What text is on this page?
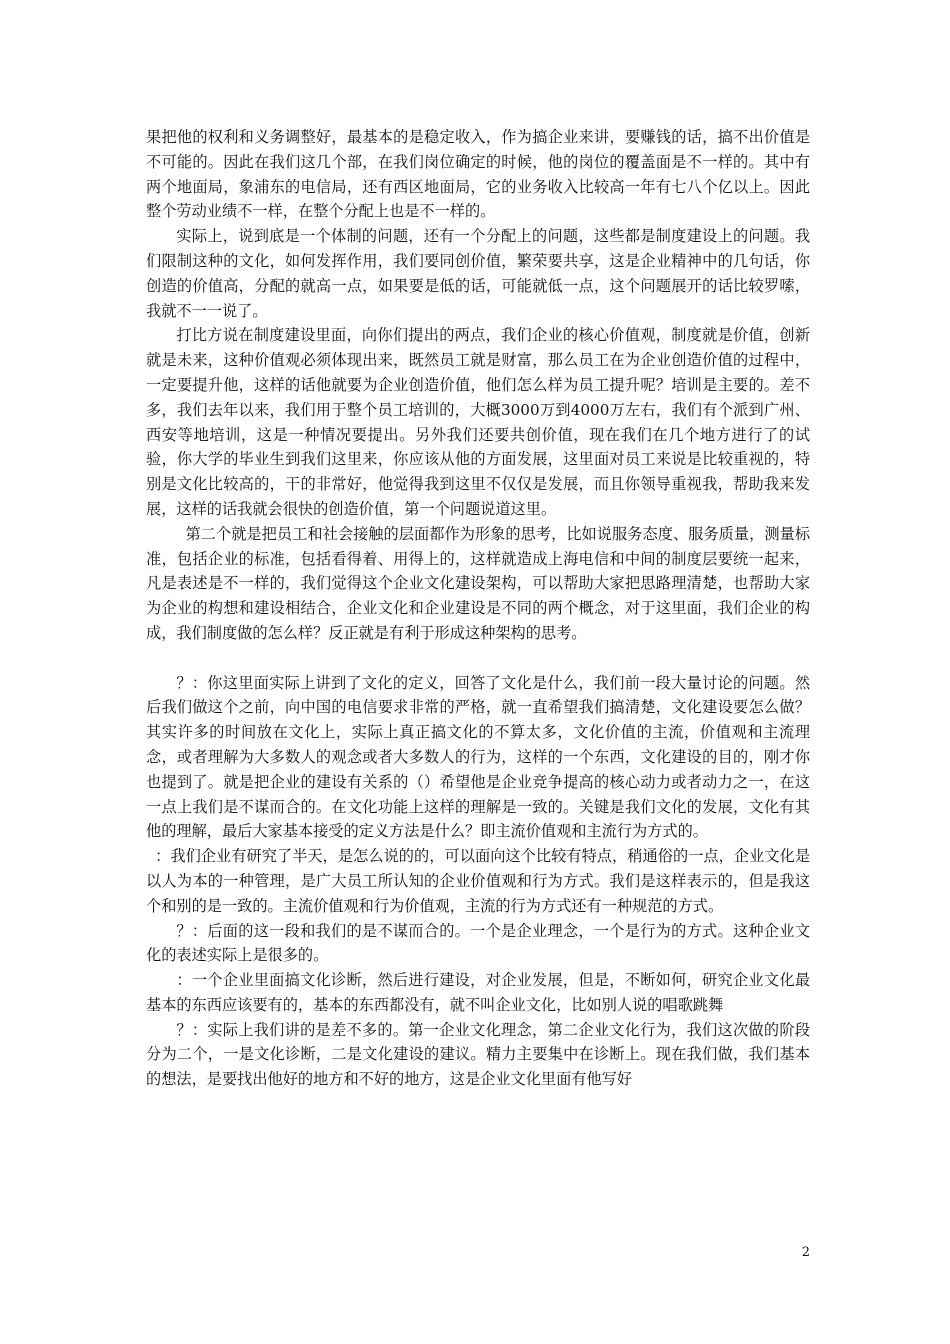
果把他的权利和义务调整好，最基本的是稳定收入，作为搞企业来讲，要赚钱的话，搞不出价值是不可能的。因此在我们这几个部，在我们岗位确定的时候，他的岗位的覆盖面是不一样的。其中有两个地面局，象浦东的电信局，还有西区地面局，它的业务收入比较高一年有七八个亿以上。因此整个劳动业绩不一样，在整个分配上也是不一样的。

实际上，说到底是一个体制的问题，还有一个分配上的问题，这些都是制度建设上的问题。我们限制这种的文化，如何发挥作用，我们要同创价值，繁荣要共享，这是企业精神中的几句话，你创造的价值高，分配的就高一点，如果要是低的话，可能就低一点，这个问题展开的话比较罗嗦，我就不一一说了。

打比方说在制度建设里面，向你们提出的两点，我们企业的核心价值观，制度就是价值，创新就是未来，这种价值观必须体现出来，既然员工就是财富，那么员工在为企业创造价值的过程中，一定要提升他，这样的话他就要为企业创造价值，他们怎么样为员工提升呢？培训是主要的。差不多，我们去年以来，我们用于整个员工培训的，大概3000万到4000万左右，我们有个派到广州、西安等地培训，这是一种情况要提出。另外我们还要共创价值，现在我们在几个地方进行了的试验，你大学的毕业生到我们这里来，你应该从他的方面发展，这里面对员工来说是比较重视的，特别是文化比较高的，干的非常好，他觉得我到这里不仅仅是发展，而且你领导重视我，帮助我来发展，这样的话我就会很快的创造价值，第一个问题说道这里。

第二个就是把员工和社会接触的层面都作为形象的思考，比如说服务态度、服务质量，测量标准，包括企业的标准，包括看得着、用得上的，这样就造成上海电信和中间的制度层要统一起来，凡是表述是不一样的，我们觉得这个企业文化建设架构，可以帮助大家把思路理清楚，也帮助大家为企业的构想和建设相结合，企业文化和企业建设是不同的两个概念，对于这里面，我们企业的构成，我们制度做的怎么样？反正就是有利于形成这种架构的思考。

？：你这里面实际上讲到了文化的定义，回答了文化是什么，我们前一段大量讨论的问题。然后我们做这个之前，向中国的电信要求非常的严格，就一直希望我们搞清楚，文化建设要怎么做？其实许多的时间放在文化上，实际上真正搞文化的不算太多，文化价值的主流，价值观和主流理念，或者理解为大多数人的观念或者大多数人的行为，这样的一个东西，文化建设的目的，刚才你也提到了。就是把企业的建设有关系的（）希望他是企业竞争提高的核心动力或者动力之一，在这一点上我们是不谋而合的。在文化功能上这样的理解是一致的。关键是我们文化的发展，文化有其他的理解，最后大家基本接受的定义方法是什么？即主流价值观和主流行为方式的。

：我们企业有研究了半天，是怎么说的的，可以面向这个比较有特点，稍通俗的一点，企业文化是以人为本的一种管理，是广大员工所认知的企业价值观和行为方式。我们是这样表示的，但是我这个和别的是一致的。主流价值观和行为价值观，主流的行为方式还有一种规范的方式。

？：后面的这一段和我们的是不谋而合的。一个是企业理念，一个是行为的方式。这种企业文化的表述实际上是很多的。

：一个企业里面搞文化诊断，然后进行建设，对企业发展，但是，不断如何，研究企业文化最基本的东西应该要有的，基本的东西都没有，就不叫企业文化，比如别人说的唱歌跳舞

？：实际上我们讲的是差不多的。第一企业文化理念，第二企业文化行为，我们这次做的阶段分为二个，一是文化诊断，二是文化建设的建议。精力主要集中在诊断上。现在我们做，我们基本的想法，是要找出他好的地方和不好的地方，这是企业文化里面有他写好

2
